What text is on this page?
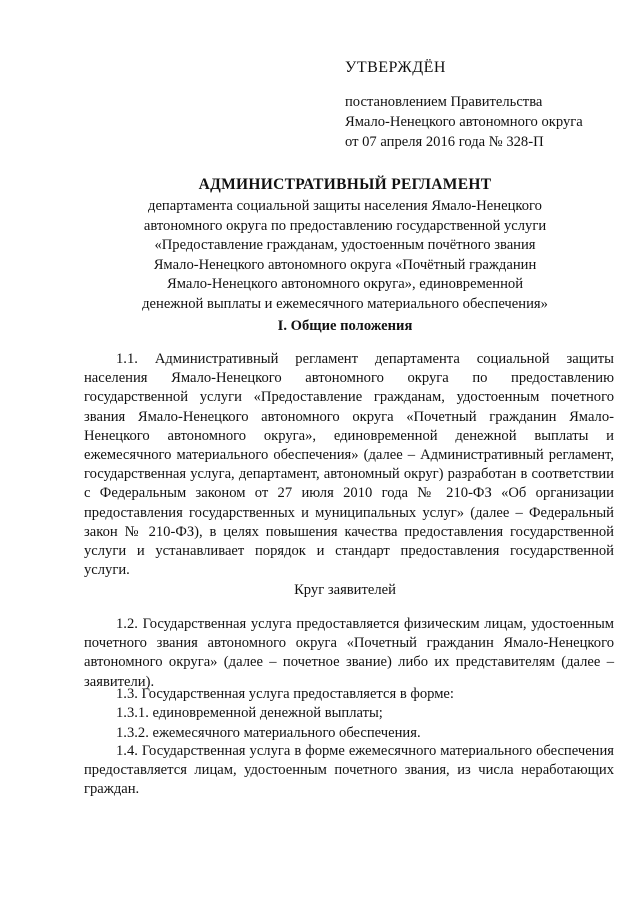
УТВЕРЖДЁН
постановлением Правительства
Ямало-Ненецкого автономного округа
от 07 апреля 2016 года № 328-П
АДМИНИСТРАТИВНЫЙ РЕГЛАМЕНТ
департамента социальной защиты населения Ямало-Ненецкого
автономного округа по предоставлению государственной услуги
«Предоставление гражданам, удостоенным почётного звания
Ямало-Ненецкого автономного округа «Почётный гражданин
Ямало-Ненецкого автономного округа», единовременной
денежной выплаты и ежемесячного материального обеспечения»
I. Общие положения
1.1. Административный регламент департамента социальной защиты населения Ямало-Ненецкого автономного округа по предоставлению государственной услуги «Предоставление гражданам, удостоенным почетного звания Ямало-Ненецкого автономного округа «Почетный гражданин Ямало-Ненецкого автономного округа», единовременной денежной выплаты и ежемесячного материального обеспечения» (далее – Административный регламент, государственная услуга, департамент, автономный округ) разработан в соответствии с Федеральным законом от 27 июля 2010 года № 210-ФЗ «Об организации предоставления государственных и муниципальных услуг» (далее – Федеральный закон № 210-ФЗ), в целях повышения качества предоставления государственной услуги и устанавливает порядок и стандарт предоставления государственной услуги.
Круг заявителей
1.2. Государственная услуга предоставляется физическим лицам, удостоенным почетного звания автономного округа «Почетный гражданин Ямало-Ненецкого автономного округа» (далее – почетное звание) либо их представителям (далее – заявители).
1.3. Государственная услуга предоставляется в форме:
1.3.1. единовременной денежной выплаты;
1.3.2. ежемесячного материального обеспечения.
1.4. Государственная услуга в форме ежемесячного материального обеспечения предоставляется лицам, удостоенным почетного звания, из числа неработающих граждан.
